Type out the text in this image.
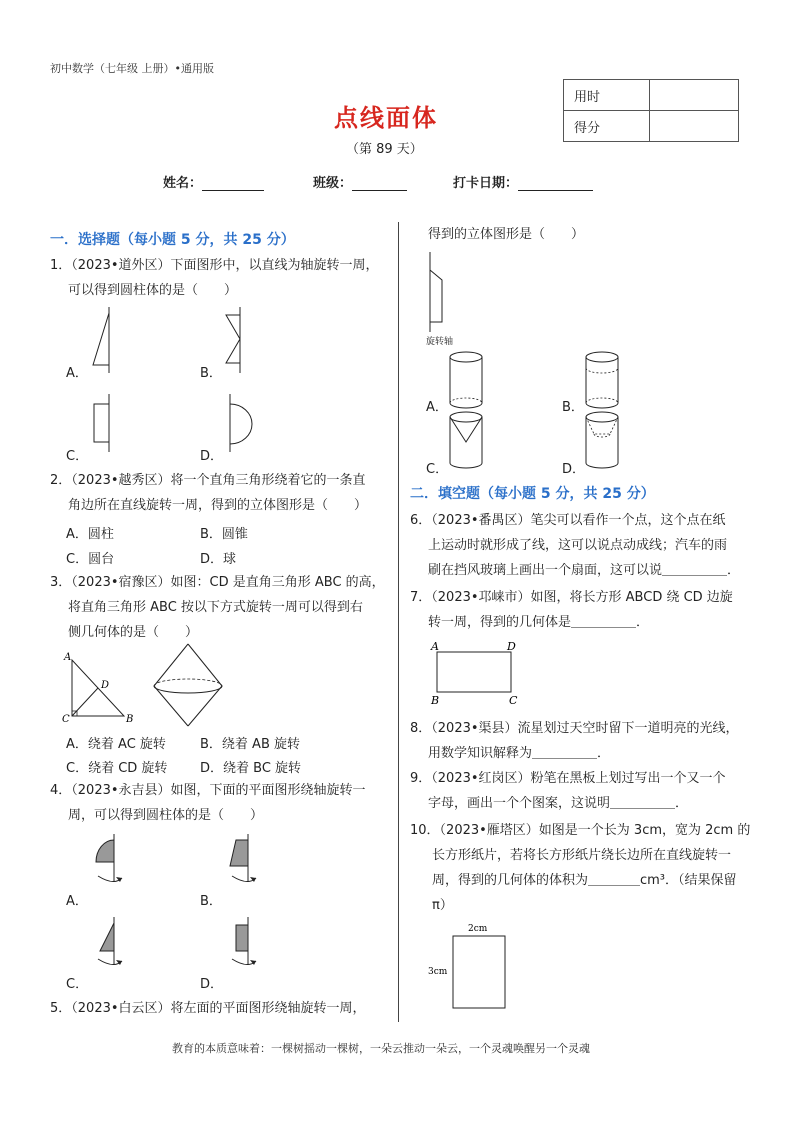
初中数学（七年级 上册）•通用版
点线面体
（第 89 天）
用时	
得分	
姓名：	班级：	打卡日期：
一．选择题（每小题 5 分，共 25 分）
1．（2023•道外区）下面图形中，以直线为轴旋转一周，
可以得到圆柱体的是（　　）
A．	B．
C．	D．
2．（2023•越秀区）将一个直角三角形绕着它的一条直
角边所在直线旋转一周，得到的立体图形是（　　）
A．圆柱	B．圆锥
C．圆台	D．球
3．（2023•宿豫区）如图：CD 是直角三角形 ABC 的高，
将直角三角形 ABC 按以下方式旋转一周可以得到右
侧几何体的是（　　）
A
D
C	B
A．绕着 AC 旋转	B．绕着 AB 旋转
C．绕着 CD 旋转	D．绕着 BC 旋转
4．（2023•永吉县）如图，下面的平面图形绕轴旋转一
周，可以得到圆柱体的是（　　）
A．	B．
C．	D．
5．（2023•白云区）将左面的平面图形绕轴旋转一周，
得到的立体图形是（　　）
旋转轴
A．	B．
C．	D．
二．填空题（每小题 5 分，共 25 分）
6．（2023•番禺区）笔尖可以看作一个点，这个点在纸
上运动时就形成了线，这可以说点动成线；汽车的雨
刷在挡风玻璃上画出一个扇面，这可以说＿＿＿＿＿．
7．（2023•邛崃市）如图，将长方形 ABCD 绕 CD 边旋
转一周，得到的几何体是＿＿＿＿＿．
A	D
B	C
8．（2023•渠县）流星划过天空时留下一道明亮的光线，
用数学知识解释为＿＿＿＿＿．
9．（2023•红岗区）粉笔在黑板上划过写出一个又一个
字母，画出一个个图案，这说明＿＿＿＿＿．
10．（2023•雁塔区）如图是一个长为 3cm，宽为 2cm 的
长方形纸片，若将长方形纸片绕长边所在直线旋转一
周，得到的几何体的体积为＿＿＿＿cm³．（结果保留
π）
2cm
3cm
教育的本质意味着：一棵树摇动一棵树，一朵云推动一朵云，一个灵魂唤醒另一个灵魂
